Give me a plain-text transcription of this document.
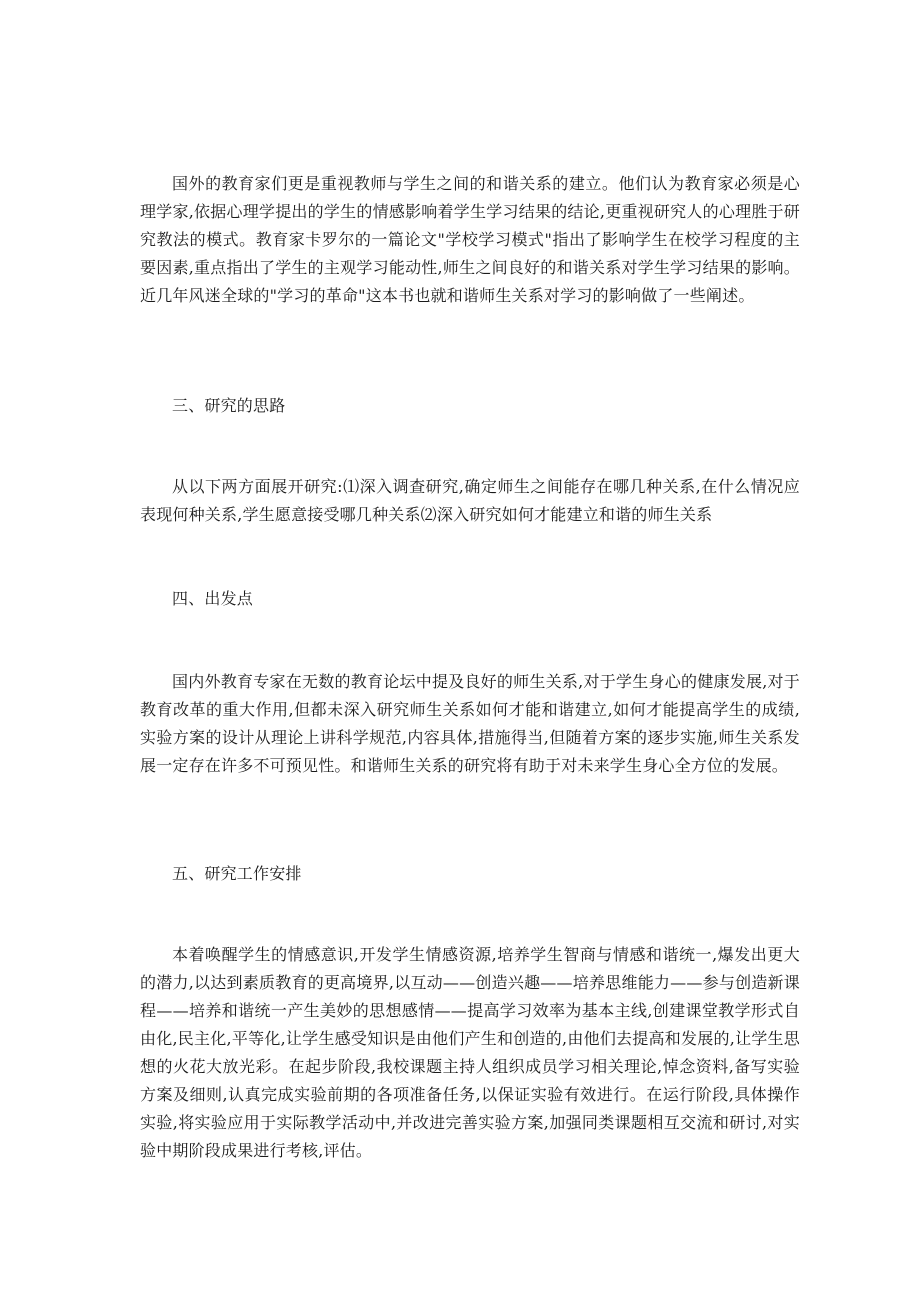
国外的教育家们更是重视教师与学生之间的和谐关系的建立。他们认为教育家必须是心理学家,依据心理学提出的学生的情感影响着学生学习结果的结论,更重视研究人的心理胜于研究教法的模式。教育家卡罗尔的一篇论文"学校学习模式"指出了影响学生在校学习程度的主要因素,重点指出了学生的主观学习能动性,师生之间良好的和谐关系对学生学习结果的影响。近几年风迷全球的"学习的革命"这本书也就和谐师生关系对学习的影响做了一些阐述。
三、研究的思路
从以下两方面展开研究:⑴深入调查研究,确定师生之间能存在哪几种关系,在什么情况应表现何种关系,学生愿意接受哪几种关系⑵深入研究如何才能建立和谐的师生关系
四、出发点
国内外教育专家在无数的教育论坛中提及良好的师生关系,对于学生身心的健康发展,对于教育改革的重大作用,但都未深入研究师生关系如何才能和谐建立,如何才能提高学生的成绩,实验方案的设计从理论上讲科学规范,内容具体,措施得当,但随着方案的逐步实施,师生关系发展一定存在许多不可预见性。和谐师生关系的研究将有助于对未来学生身心全方位的发展。
五、研究工作安排
本着唤醒学生的情感意识,开发学生情感资源,培养学生智商与情感和谐统一,爆发出更大的潜力,以达到素质教育的更高境界,以互动——创造兴趣——培养思维能力——参与创造新课程——培养和谐统一产生美妙的思想感情——提高学习效率为基本主线,创建课堂教学形式自由化,民主化,平等化,让学生感受知识是由他们产生和创造的,由他们去提高和发展的,让学生思想的火花大放光彩。在起步阶段,我校课题主持人组织成员学习相关理论,悼念资料,备写实验方案及细则,认真完成实验前期的各项准备任务,以保证实验有效进行。在运行阶段,具体操作实验,将实验应用于实际教学活动中,并改进完善实验方案,加强同类课题相互交流和研讨,对实验中期阶段成果进行考核,评估。
